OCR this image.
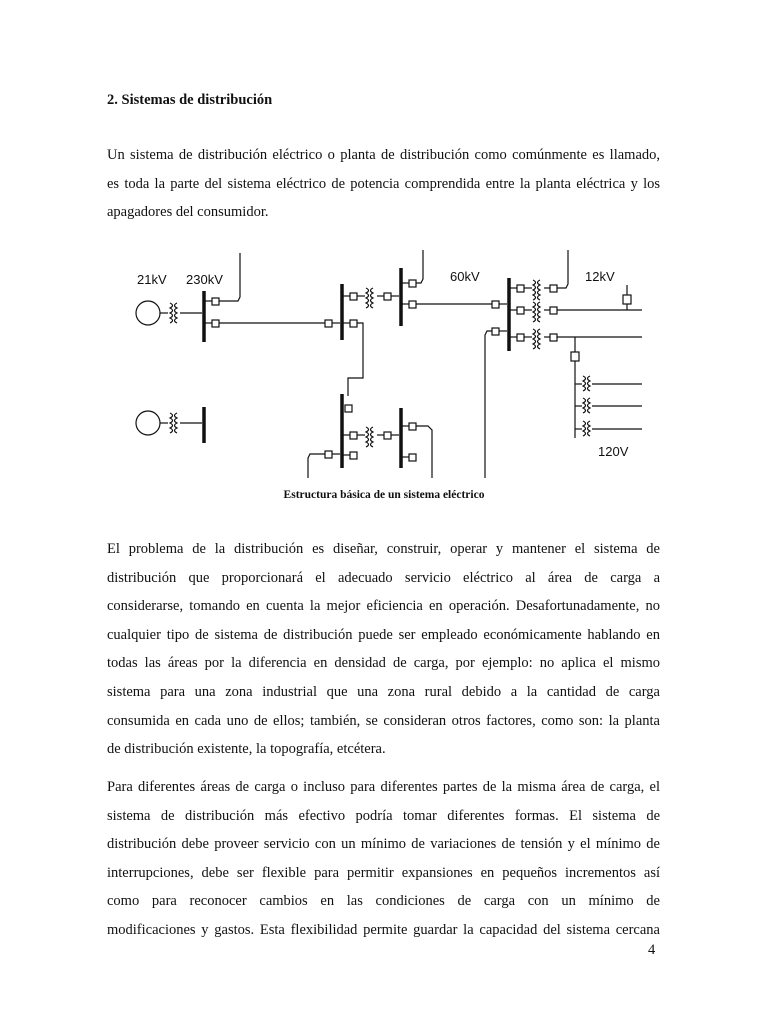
2. Sistemas de distribución

Un sistema de distribución eléctrico o planta de distribución como comúnmente es llamado,
es toda la parte del sistema eléctrico de potencia comprendida entre la planta eléctrica y los
apagadores del consumidor.

21kV 230kV	60kV	12kV
120V
Estructura básica de un sistema eléctrico

El problema de la distribución es diseñar, construir, operar y mantener el sistema de
distribución que proporcionará el adecuado servicio eléctrico al área de carga a
considerarse, tomando en cuenta la mejor eficiencia en operación. Desafortunadamente, no
cualquier tipo de sistema de distribución puede ser empleado económicamente hablando en
todas las áreas por la diferencia en densidad de carga, por ejemplo: no aplica el mismo
sistema para una zona industrial que una zona rural debido a la cantidad de carga
consumida en cada uno de ellos; también, se consideran otros factores, como son: la planta
de distribución existente, la topografía, etcétera.

Para diferentes áreas de carga o incluso para diferentes partes de la misma área de carga, el
sistema de distribución más efectivo podría tomar diferentes formas. El sistema de
distribución debe proveer servicio con un mínimo de variaciones de tensión y el mínimo de
interrupciones, debe ser flexible para permitir expansiones en pequeños incrementos así
como para reconocer cambios en las condiciones de carga con un mínimo de
modificaciones y gastos. Esta flexibilidad permite guardar la capacidad del sistema cercana

4
